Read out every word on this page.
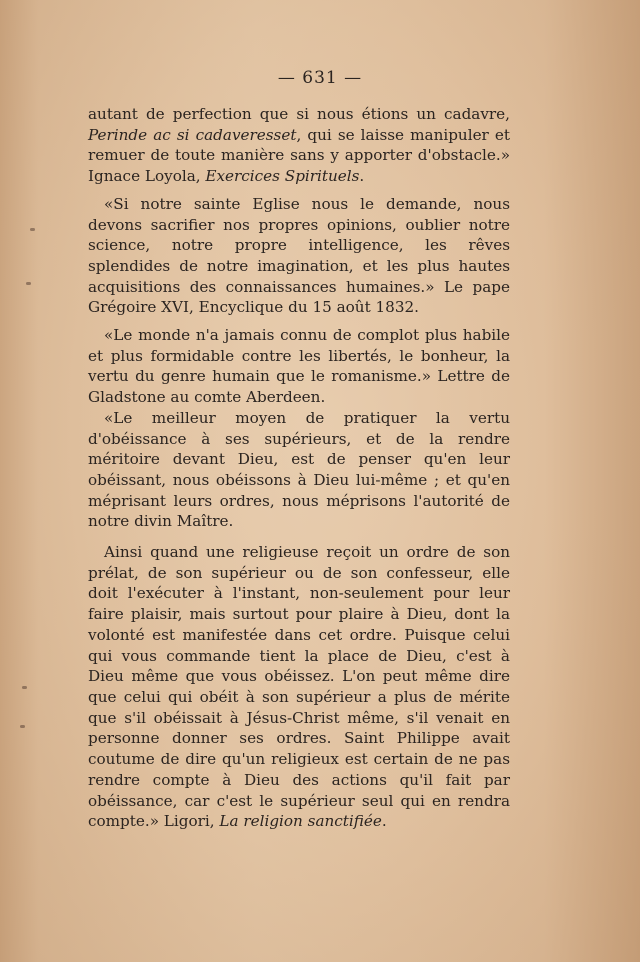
— 631 —

autant de perfection que si nous étions un cadavre, Perinde ac si cadaveresset, qui se laisse manipuler et remuer de toute manière sans y apporter d'obstacle.» Ignace Loyola, Exercices Spirituels.

«Si notre sainte Eglise nous le demande, nous devons sacrifier nos propres opinions, oublier notre science, notre propre intelligence, les rêves splendides de notre imagination, et les plus hautes acquisitions des connaissances humaines.» Le pape Grégoire XVI, Encyclique du 15 août 1832.

«Le monde n'a jamais connu de complot plus habile et plus formidable contre les libertés, le bonheur, la vertu du genre humain que le romanisme.» Lettre de Gladstone au comte Aberdeen.

«Le meilleur moyen de pratiquer la vertu d'obéissance à ses supérieurs, et de la rendre méritoire devant Dieu, est de penser qu'en leur obéissant, nous obéissons à Dieu lui-même ; et qu'en méprisant leurs ordres, nous méprisons l'autorité de notre divin Maître.

Ainsi quand une religieuse reçoit un ordre de son prélat, de son supérieur ou de son confesseur, elle doit l'exécuter à l'instant, non-seulement pour leur faire plaisir, mais surtout pour plaire à Dieu, dont la volonté est manifestée dans cet ordre. Puisque celui qui vous commande tient la place de Dieu, c'est à Dieu même que vous obéissez. L'on peut même dire que celui qui obéit à son supérieur a plus de mérite que s'il obéissait à Jésus-Christ même, s'il venait en personne donner ses ordres. Saint Philippe avait coutume de dire qu'un religieux est certain de ne pas rendre compte à Dieu des actions qu'il fait par obéissance, car c'est le supérieur seul qui en rendra compte.» Ligori, La religion sanctifiée.
